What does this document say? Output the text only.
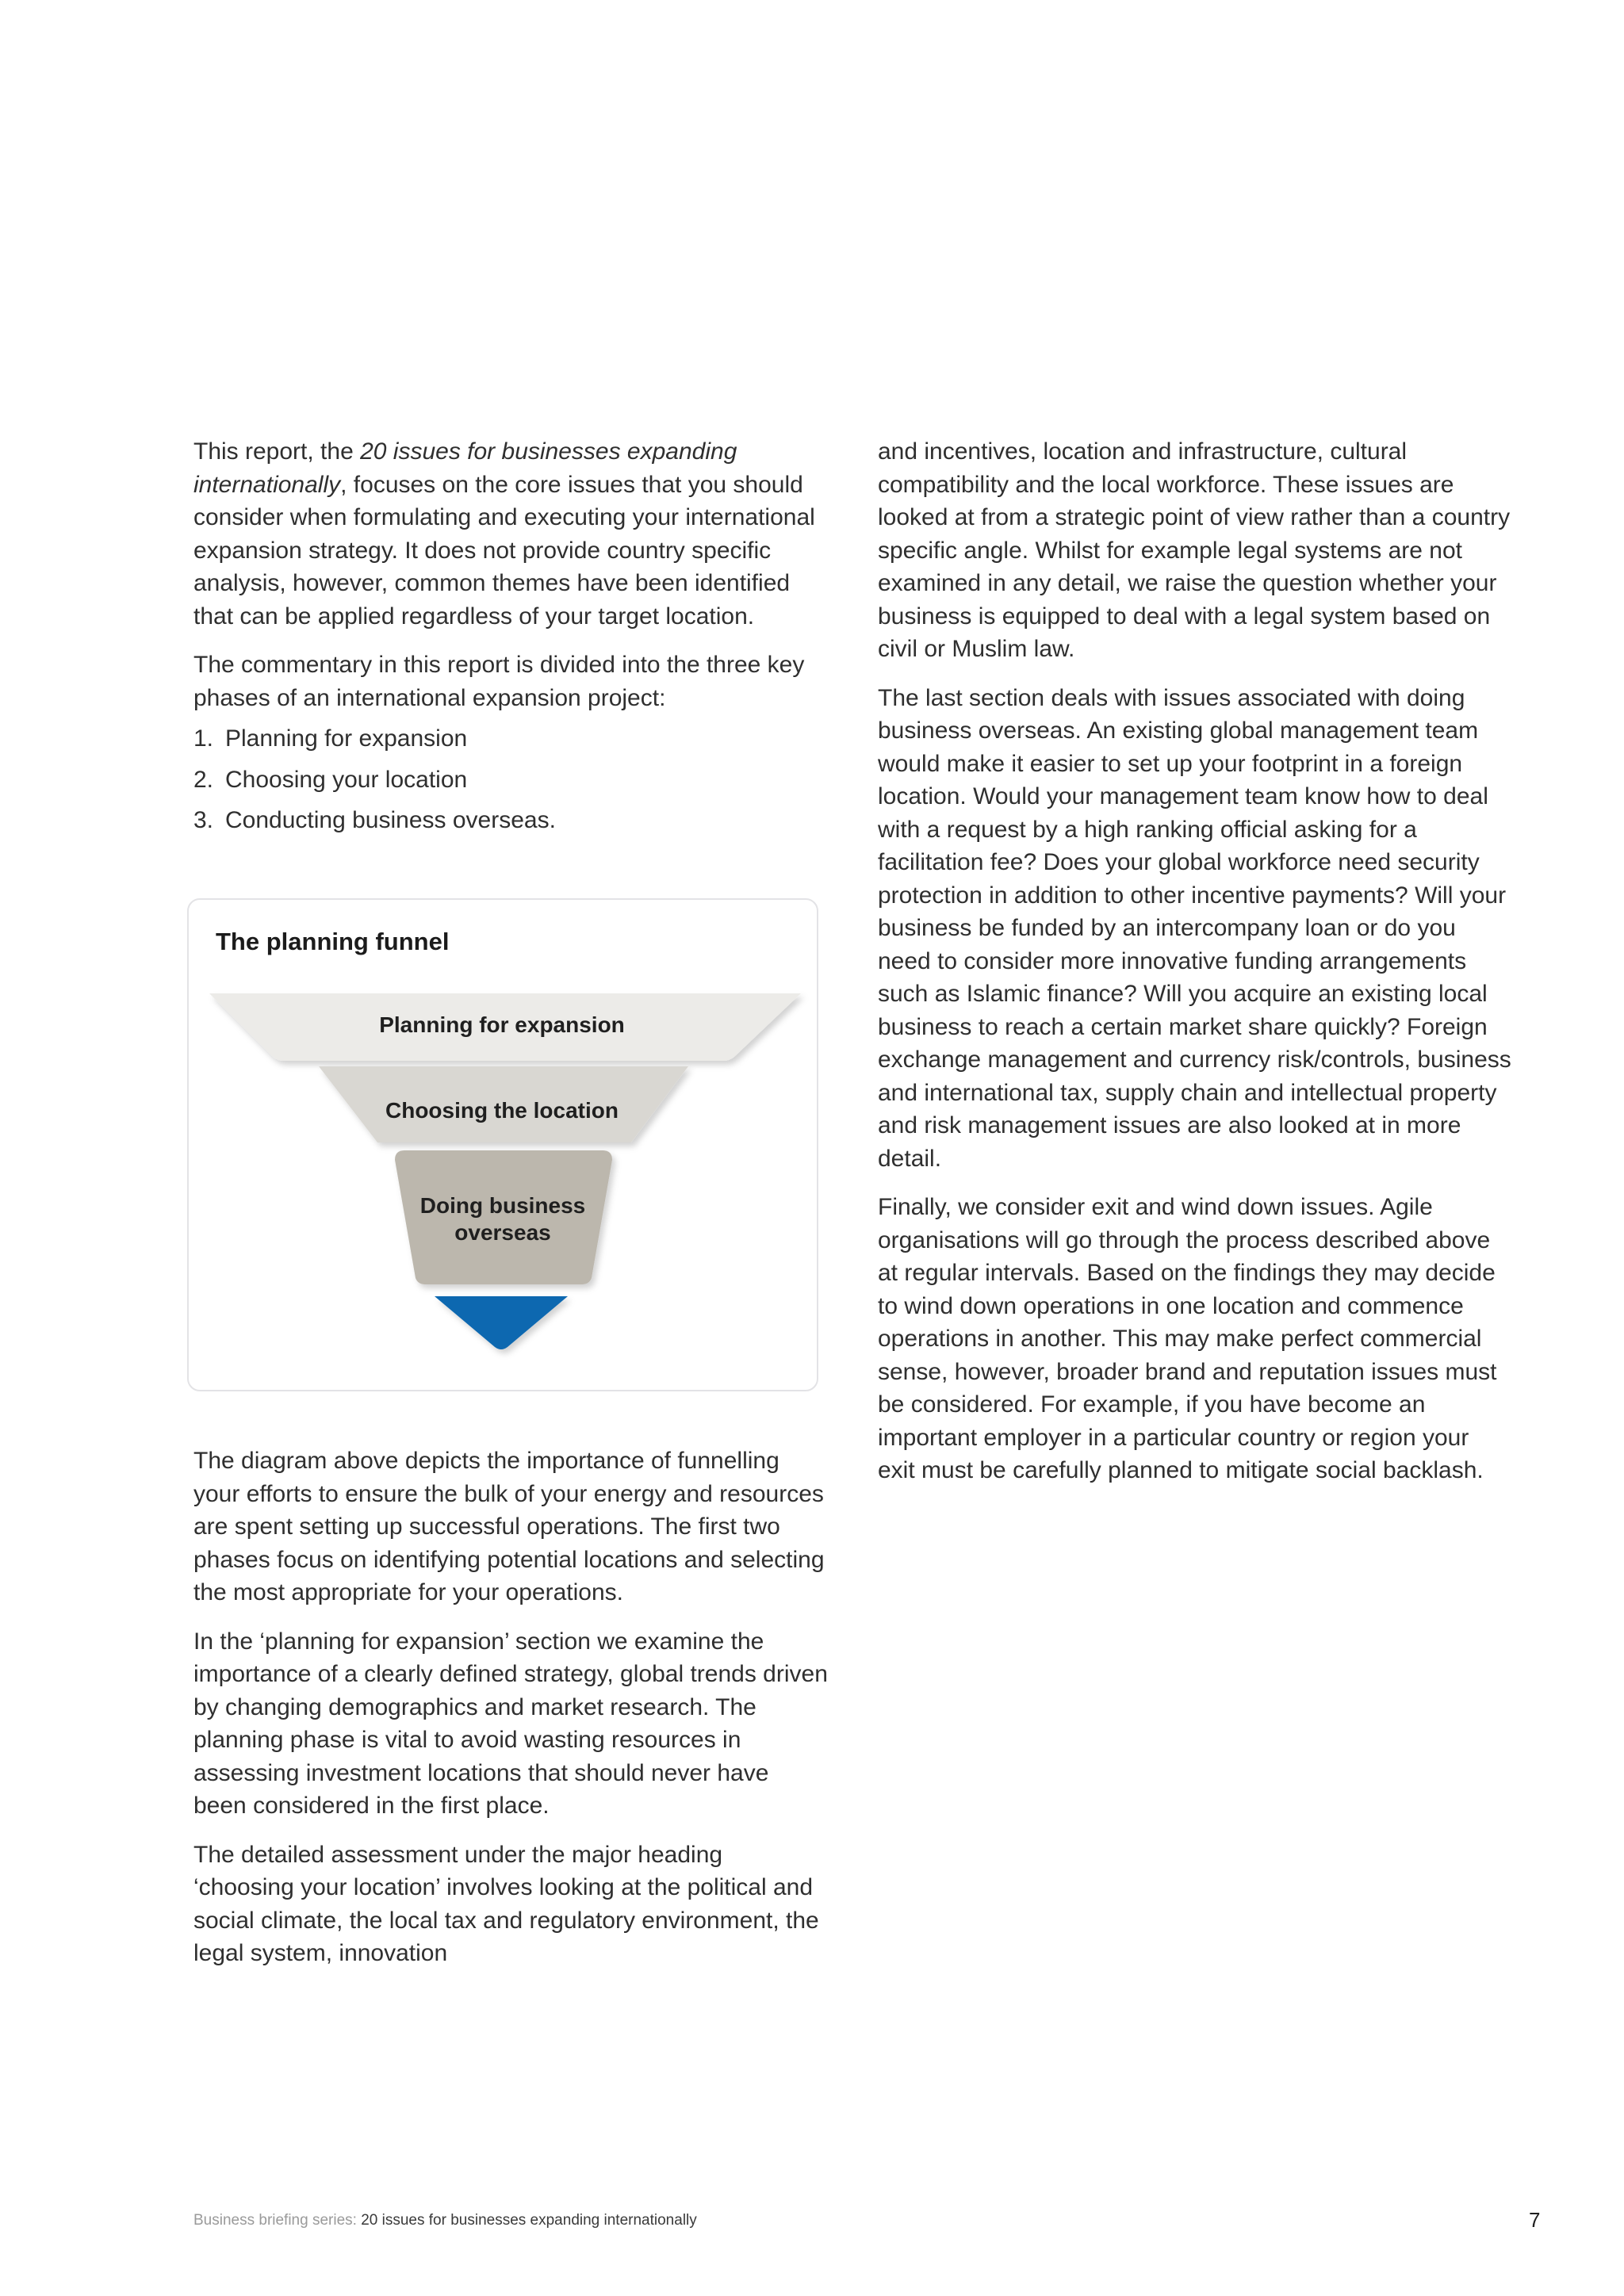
This report, the 20 issues for businesses expanding internationally, focuses on the core issues that you should consider when formulating and executing your international expansion strategy. It does not provide country specific analysis, however, common themes have been identified that can be applied regardless of your target location.

The commentary in this report is divided into the three key phases of an international expansion project:

1. Planning for expansion
2. Choosing your location
3. Conducting business overseas.
The planning funnel
Planning for expansion
Choosing the location
Doing business
overseas

The diagram above depicts the importance of funnelling your efforts to ensure the bulk of your energy and resources are spent setting up successful operations. The first two phases focus on identifying potential locations and selecting the most appropriate for your operations.

In the ‘planning for expansion’ section we examine the importance of a clearly defined strategy, global trends driven by changing demographics and market research. The planning phase is vital to avoid wasting resources in assessing investment locations that should never have been considered in the first place.

The detailed assessment under the major heading ‘choosing your location’ involves looking at the political and social climate, the local tax and regulatory environment, the legal system, innovation

and incentives, location and infrastructure, cultural compatibility and the local workforce. These issues are looked at from a strategic point of view rather than a country specific angle. Whilst for example legal systems are not examined in any detail, we raise the question whether your business is equipped to deal with a legal system based on civil or Muslim law.

The last section deals with issues associated with doing business overseas. An existing global management team would make it easier to set up your footprint in a foreign location. Would your management team know how to deal with a request by a high ranking official asking for a facilitation fee? Does your global workforce need security protection in addition to other incentive payments? Will your business be funded by an intercompany loan or do you need to consider more innovative funding arrangements such as Islamic finance? Will you acquire an existing local business to reach a certain market share quickly? Foreign exchange management and currency risk/controls, business and international tax, supply chain and intellectual property and risk management issues are also looked at in more detail.

Finally, we consider exit and wind down issues. Agile organisations will go through the process described above at regular intervals. Based on the findings they may decide to wind down operations in one location and commence operations in another. This may make perfect commercial sense, however, broader brand and reputation issues must be considered. For example, if you have become an important employer in a particular country or region your exit must be carefully planned to mitigate social backlash.

Business briefing series: 20 issues for businesses expanding internationally	7
